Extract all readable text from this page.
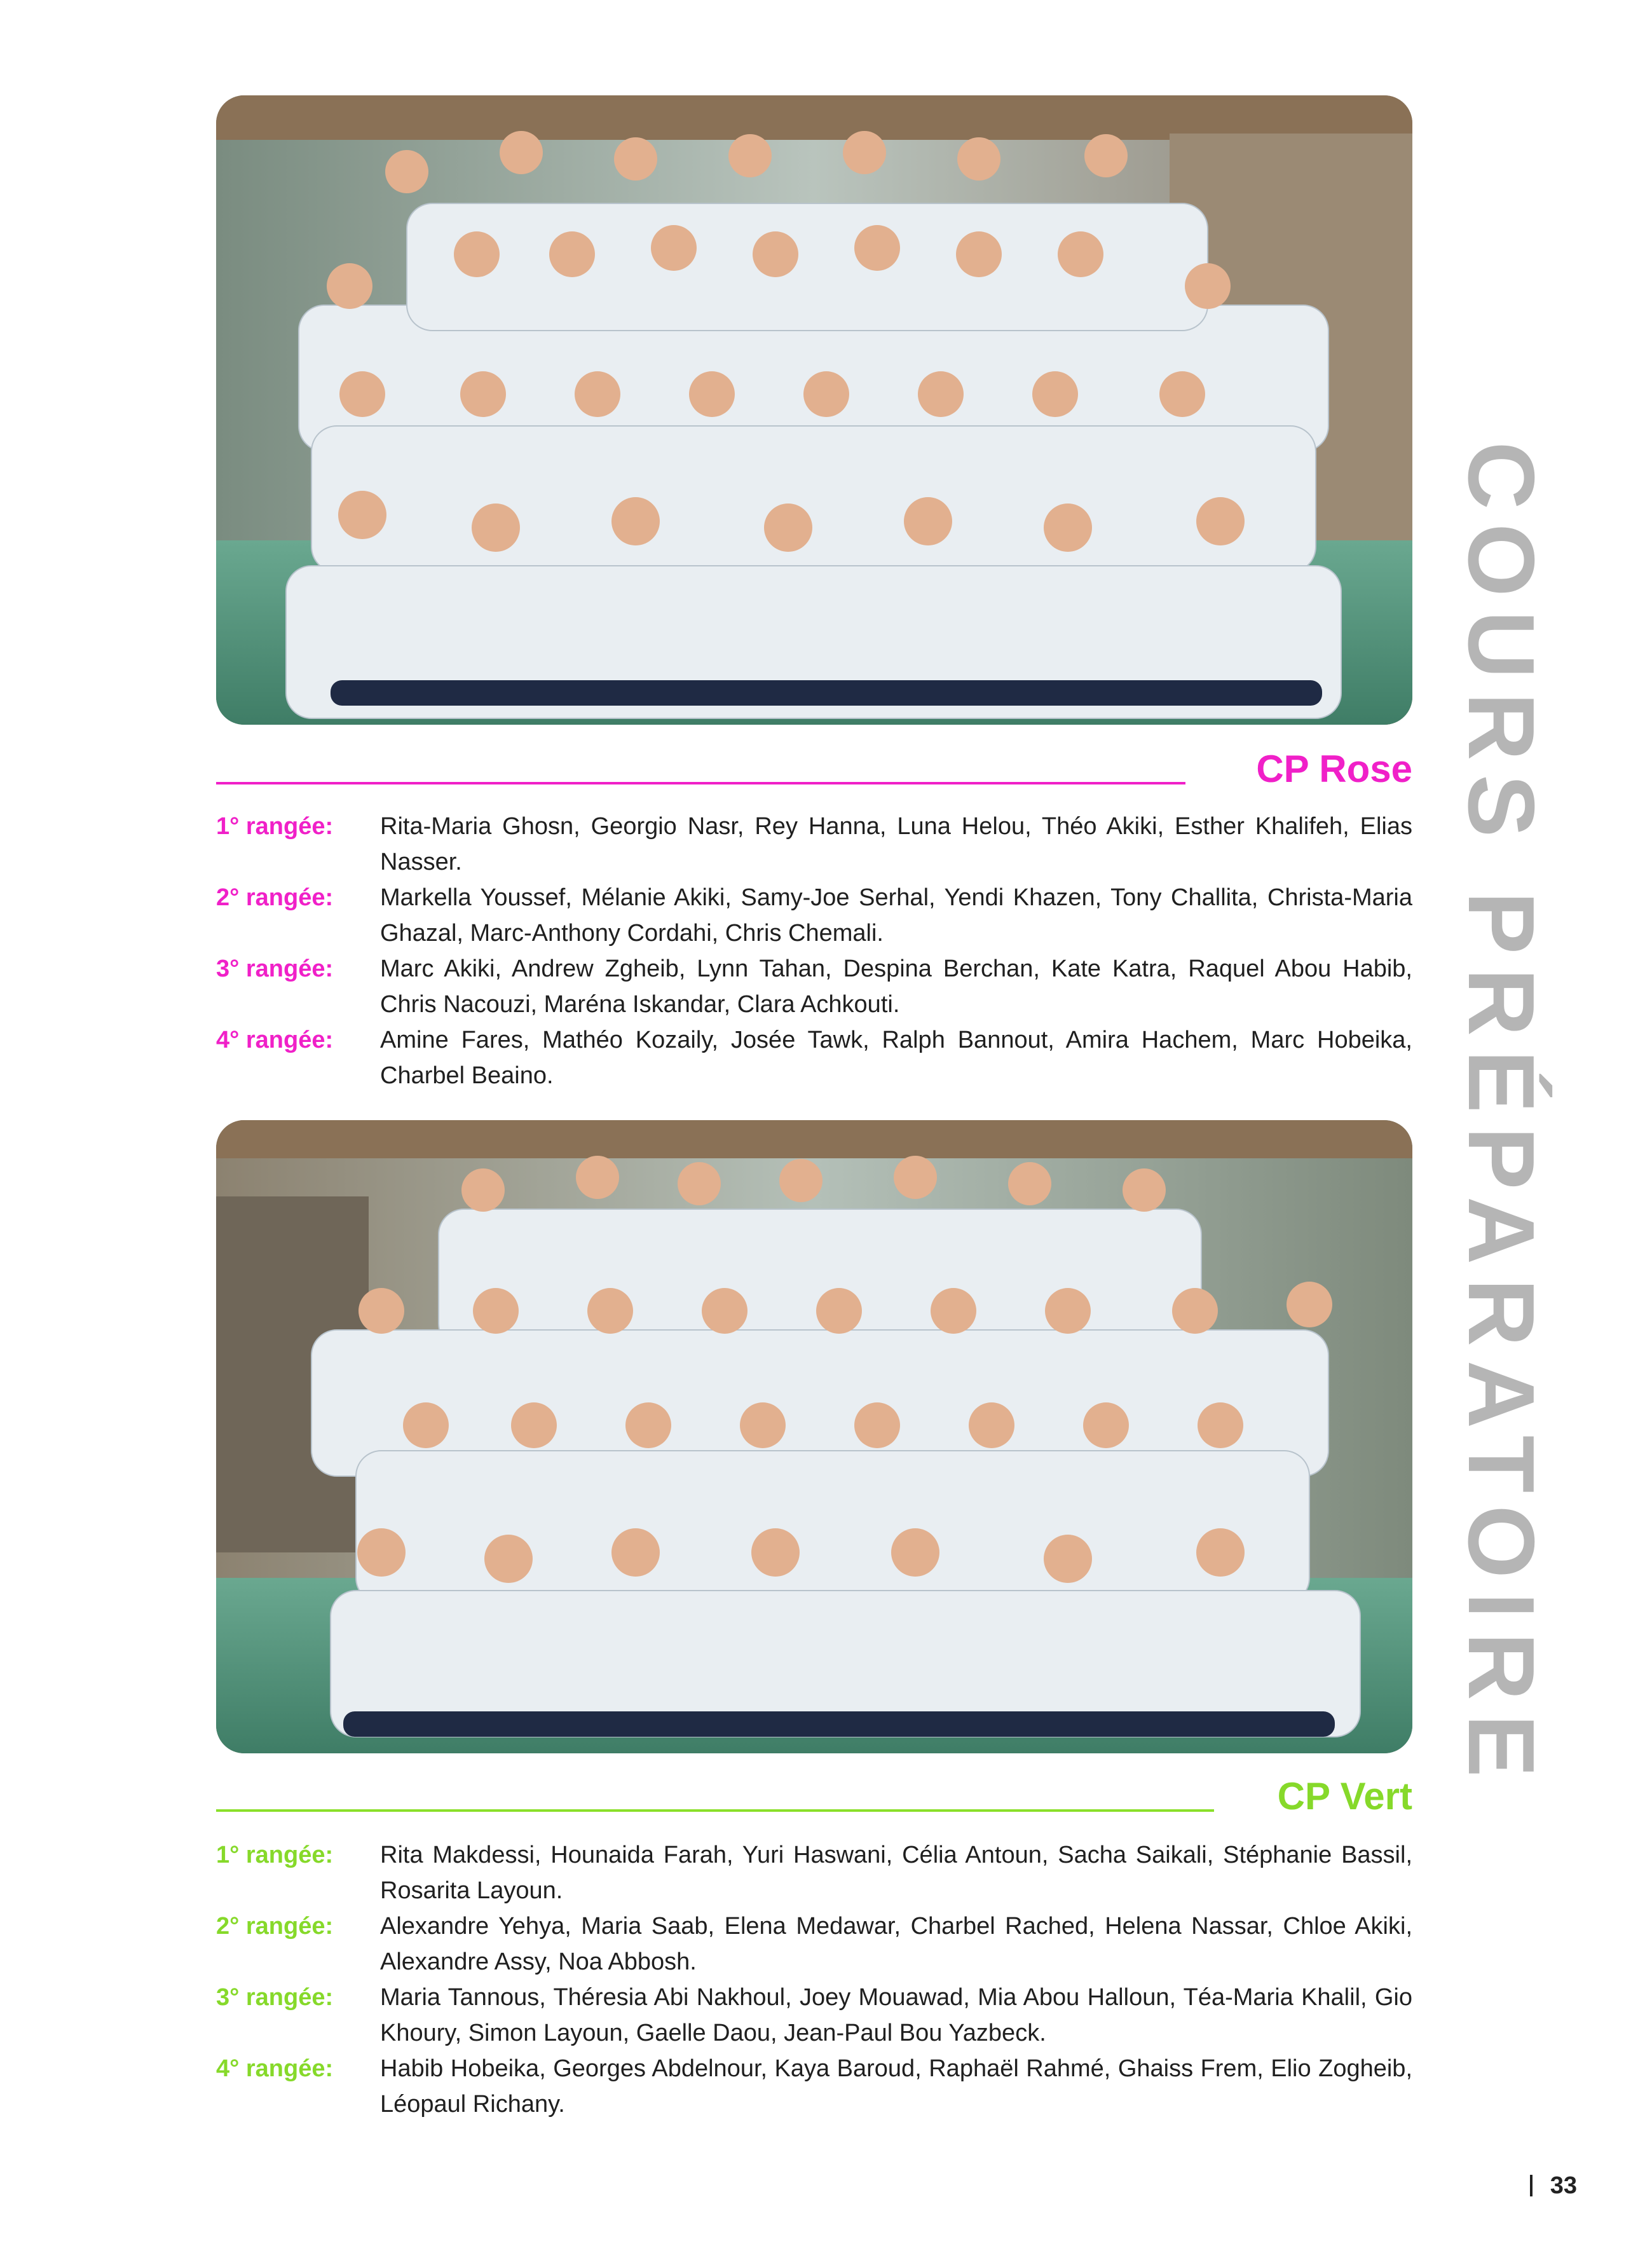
CP Rose
1° rangée:	Rita-Maria Ghosn, Georgio Nasr, Rey Hanna, Luna Helou, Théo Akiki, Esther Khalifeh, Elias Nasser.
2° rangée:	Markella Youssef, Mélanie Akiki, Samy-Joe Serhal, Yendi Khazen, Tony Challita, Christa-Maria Ghazal, Marc-Anthony Cordahi, Chris Chemali.
3° rangée:	Marc Akiki, Andrew Zgheib, Lynn Tahan, Despina Berchan, Kate Katra, Raquel Abou Habib, Chris Nacouzi, Maréna Iskandar, Clara Achkouti.
4° rangée:	Amine Fares, Mathéo Kozaily, Josée Tawk, Ralph Bannout, Amira Hachem, Marc Hobeika, Charbel Beaino.
CP Vert
1° rangée:	Rita Makdessi, Hounaida Farah, Yuri Haswani, Célia Antoun, Sacha Saikali, Stéphanie Bassil, Rosarita Layoun.
2° rangée:	Alexandre Yehya, Maria Saab, Elena Medawar, Charbel Rached, Helena Nassar, Chloe Akiki, Alexandre Assy, Noa Abbosh.
3° rangée:	Maria Tannous, Théresia Abi Nakhoul, Joey Mouawad, Mia Abou Halloun, Téa-Maria Khalil, Gio Khoury, Simon Layoun, Gaelle Daou, Jean-Paul Bou Yazbeck.
4° rangée:	Habib Hobeika, Georges Abdelnour, Kaya Baroud, Raphaël Rahmé, Ghaiss Frem, Elio Zogheib, Léopaul Richany.
COURS PRÉPARATOIRE
33
